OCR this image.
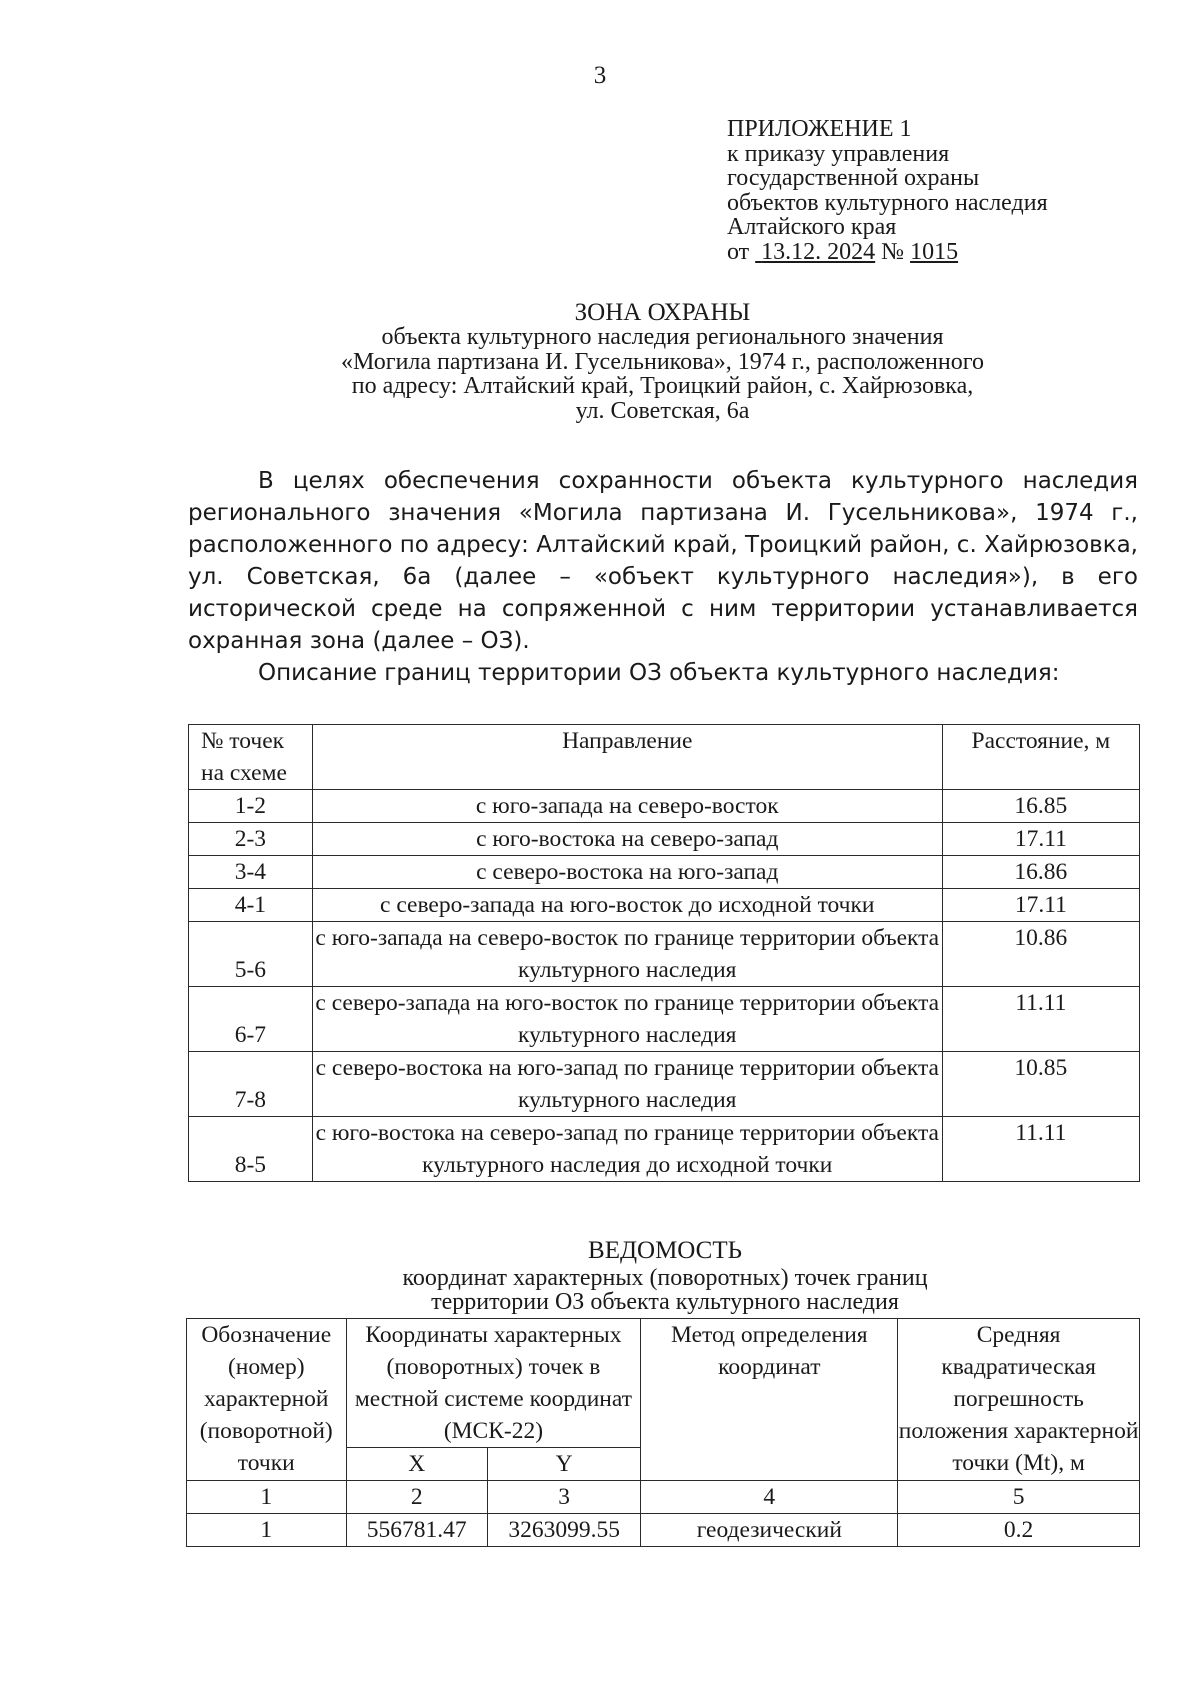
3
ПРИЛОЖЕНИЕ 1
к приказу управления
государственной охраны
объектов культурного наследия
Алтайского края
от 13.12. 2024 № 1015
ЗОНА ОХРАНЫ
объекта культурного наследия регионального значения
«Могила партизана И. Гусельникова», 1974 г., расположенного
по адресу: Алтайский край, Троицкий район, с. Хайрюзовка,
ул. Советская, 6а

В целях обеспечения сохранности объекта культурного наследия регионального значения «Могила партизана И. Гусельникова», 1974 г., расположенного по адресу: Алтайский край, Троицкий район, с. Хайрюзовка, ул. Советская, 6а (далее – «объект культурного наследия»), в его исторической среде на сопряженной с ним территории устанавливается охранная зона (далее – ОЗ).

Описание границ территории ОЗ объекта культурного наследия:
№ точек на схеме	Направление	Расстояние, м
1-2	с юго-запада на северо-восток	16.85
2-3	с юго-востока на северо-запад	17.11
3-4	с северо-востока на юго-запад	16.86
4-1	с северо-запада на юго-восток до исходной точки	17.11
5-6	с юго-запада на северо-восток по границе территории объекта культурного наследия	10.86
6-7	с северо-запада на юго-восток по границе территории объекта культурного наследия	11.11
7-8	с северо-востока на юго-запад по границе территории объекта культурного наследия	10.85
8-5	с юго-востока на северо-запад по границе территории объекта культурного наследия до исходной точки	11.11
ВЕДОМОСТЬ
координат характерных (поворотных) точек границ
территории ОЗ объекта культурного наследия
Обозначение (номер) характерной (поворотной) точки	Координаты характерных (поворотных) точек в местной системе координат (МСК-22)		Метод определения координат	Средняя квадратическая погрешность положения характерной точки (Mt), м
	X	Y		
1	2	3	4	5
1	556781.47	3263099.55	геодезический	0.2
